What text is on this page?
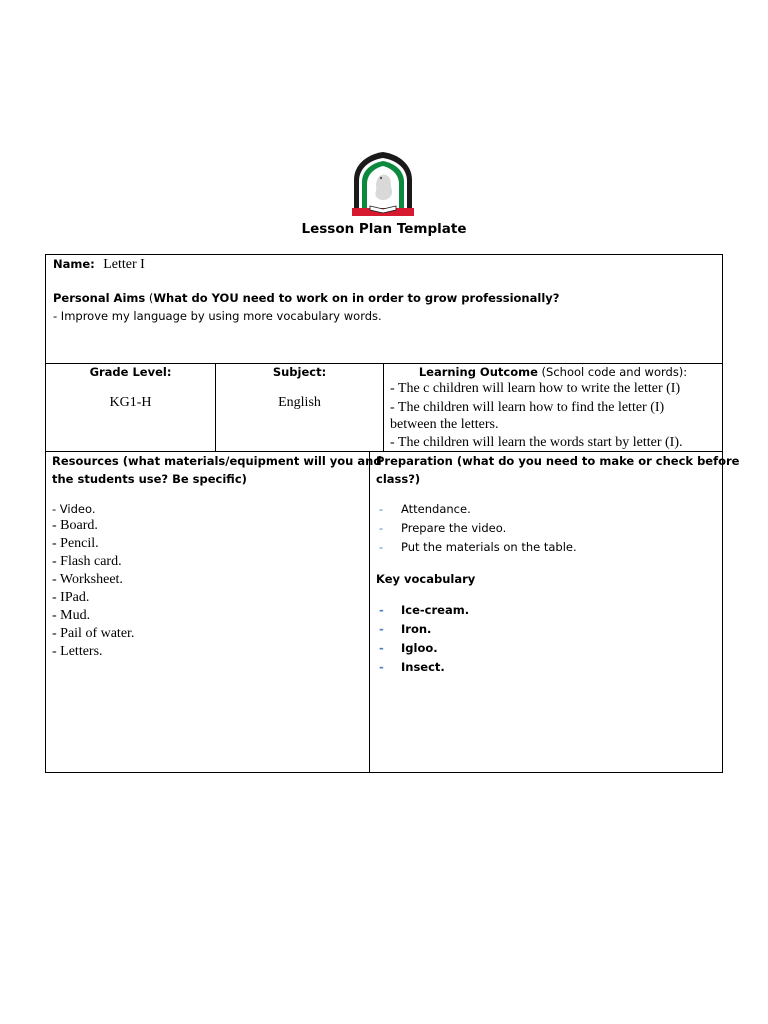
Lesson Plan Template
Name: Letter I
Personal Aims (What do YOU need to work on in order to grow professionally?
- Improve my language by using more vocabulary words.
Grade Level:
KG1-H
Subject:
English
Learning Outcome (School code and words):
- The c children will learn how to write the letter (I)
- The children will learn how to find the letter (I)
between the letters.
- The children will learn the words start by letter (I).
Resources (what materials/equipment will you and
the students use? Be specific)
- Video.
- Board.
- Pencil.
- Flash card.
- Worksheet.
- IPad.
- Mud.
- Pail of water.
- Letters.
Preparation (what do you need to make or check before
class?)
- Attendance.
- Prepare the video.
- Put the materials on the table.
Key vocabulary
- Ice-cream.
- Iron.
- Igloo.
- Insect.
